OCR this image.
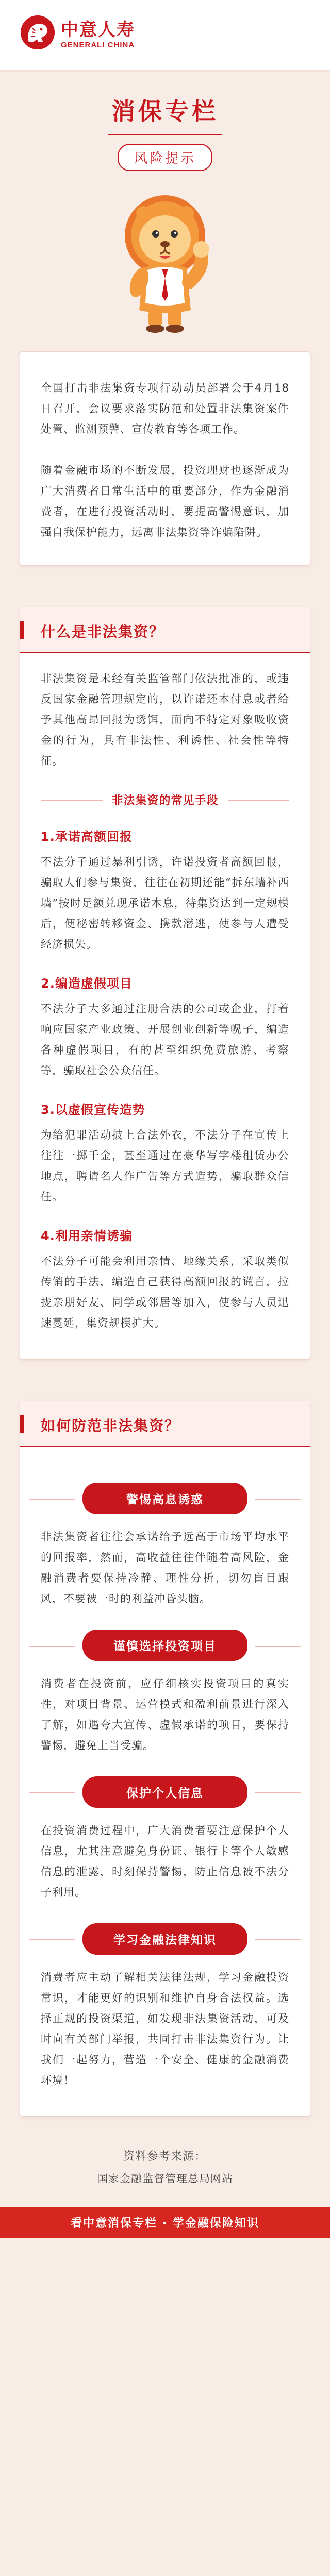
中意人寿
GENERALI CHINA
消保专栏
风险提示

全国打击非法集资专项行动动员部署会于4月18日召开，会议要求落实防范和处置非法集资案件处置、监测预警、宣传教育等各项工作。

随着金融市场的不断发展，投资理财也逐渐成为广大消费者日常生活中的重要部分，作为金融消费者，在进行投资活动时，要提高警惕意识，加强自我保护能力，远离非法集资等诈骗陷阱。

什么是非法集资？

非法集资是未经有关监管部门依法批准的，或违反国家金融管理规定的，以许诺还本付息或者给予其他高昂回报为诱饵，面向不特定对象吸收资金的行为，具有非法性、利诱性、社会性等特征。

非法集资的常见手段
1.承诺高额回报

不法分子通过暴利引诱，许诺投资者高额回报，骗取人们参与集资，往往在初期还能“拆东墙补西墙”按时足额兑现承诺本息，待集资达到一定规模后，便秘密转移资金、携款潜逃，使参与人遭受经济损失。

2.编造虚假项目

不法分子大多通过注册合法的公司或企业，打着响应国家产业政策、开展创业创新等幌子，编造各种虚假项目，有的甚至组织免费旅游、考察等，骗取社会公众信任。

3.以虚假宣传造势

为给犯罪活动披上合法外衣，不法分子在宣传上往往一掷千金，甚至通过在豪华写字楼租赁办公地点，聘请名人作广告等方式造势，骗取群众信任。

4.利用亲情诱骗

不法分子可能会利用亲情、地缘关系，采取类似传销的手法，编造自己获得高额回报的谎言，拉拢亲朋好友、同学或邻居等加入，使参与人员迅速蔓延，集资规模扩大。

如何防范非法集资？
警惕高息诱惑

非法集资者往往会承诺给予远高于市场平均水平的回报率，然而，高收益往往伴随着高风险，金融消费者要保持冷静、理性分析，切勿盲目跟风，不要被一时的利益冲昏头脑。

谨慎选择投资项目

消费者在投资前，应仔细核实投资项目的真实性，对项目背景、运营模式和盈利前景进行深入了解，如遇夸大宣传、虚假承诺的项目，要保持警惕，避免上当受骗。

保护个人信息

在投资消费过程中，广大消费者要注意保护个人信息，尤其注意避免身份证、银行卡等个人敏感信息的泄露，时刻保持警惕，防止信息被不法分子利用。

学习金融法律知识

消费者应主动了解相关法律法规，学习金融投资常识，才能更好的识别和维护自身合法权益。选择正规的投资渠道，如发现非法集资活动，可及时向有关部门举报，共同打击非法集资行为。让我们一起努力，营造一个安全、健康的金融消费环境！

资料参考来源：
国家金融监督管理总局网站
看中意消保专栏 · 学金融保险知识
